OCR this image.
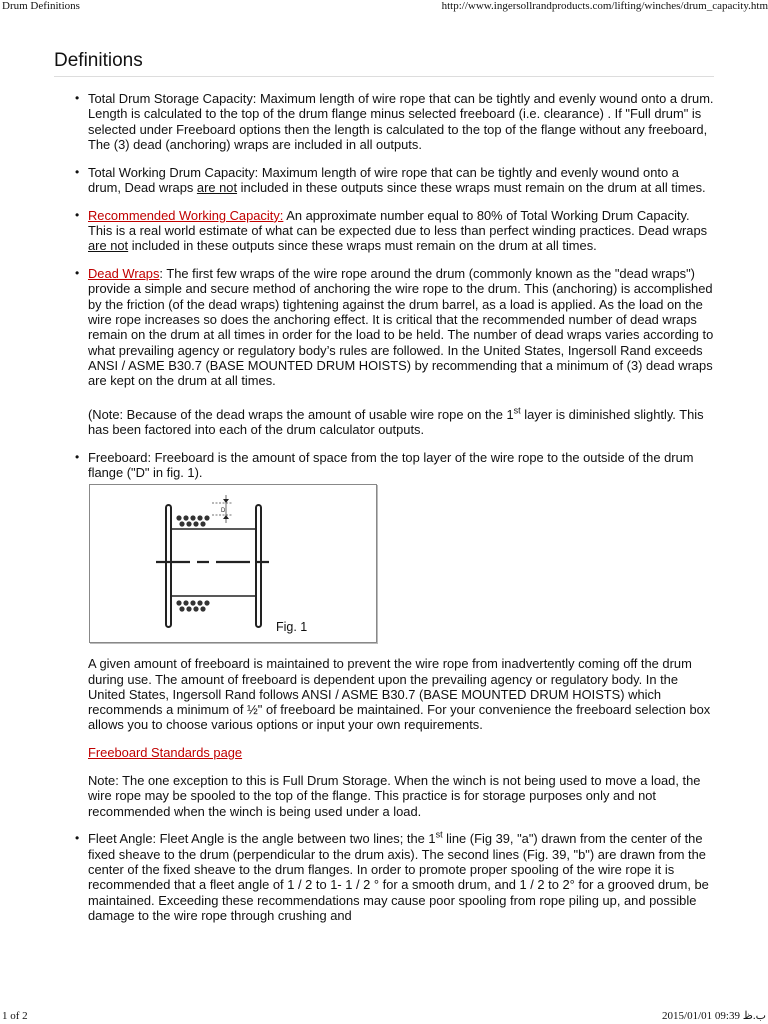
Drum Definitions	http://www.ingersollrandproducts.com/lifting/winches/drum_capacity.htm
Definitions
• Total Drum Storage Capacity: Maximum length of wire rope that can be tightly and evenly wound onto a drum. Length is calculated to the top of the drum flange minus selected freeboard (i.e. clearance) . If "Full drum" is selected under Freeboard options then the length is calculated to the top of the flange without any freeboard, The (3) dead (anchoring) wraps are included in all outputs.

• Total Working Drum Capacity: Maximum length of wire rope that can be tightly and evenly wound onto a drum, Dead wraps are not included in these outputs since these wraps must remain on the drum at all times.

• Recommended Working Capacity: An approximate number equal to 80% of Total Working Drum Capacity. This is a real world estimate of what can be expected due to less than perfect winding practices. Dead wraps are not included in these outputs since these wraps must remain on the drum at all times.

• Dead Wraps: The first few wraps of the wire rope around the drum (commonly known as the "dead wraps") provide a simple and secure method of anchoring the wire rope to the drum. This (anchoring) is accomplished by the friction (of the dead wraps) tightening against the drum barrel, as a load is applied. As the load on the wire rope increases so does the anchoring effect. It is critical that the recommended number of dead wraps remain on the drum at all times in order for the load to be held. The number of dead wraps varies according to what prevailing agency or regulatory body’s rules are followed. In the United States, Ingersoll Rand exceeds ANSI / ASME B30.7 (BASE MOUNTED DRUM HOISTS) by recommending that a minimum of (3) dead wraps are kept on the drum at all times.

(Note: Because of the dead wraps the amount of usable wire rope on the 1st layer is diminished slightly. This has been factored into each of the drum calculator outputs.

• Freeboard: Freeboard is the amount of space from the top layer of the wire rope to the outside of the drum flange ("D" in fig. 1).

D
Fig. 1

A given amount of freeboard is maintained to prevent the wire rope from inadvertently coming off the drum during use. The amount of freeboard is dependent upon the prevailing agency or regulatory body. In the United States, Ingersoll Rand follows ANSI / ASME B30.7 (BASE MOUNTED DRUM HOISTS) which recommends a minimum of ½" of freeboard be maintained. For your convenience the freeboard selection box allows you to choose various options or input your own requirements.

Freeboard Standards page

Note: The one exception to this is Full Drum Storage. When the winch is not being used to move a load, the wire rope may be spooled to the top of the flange. This practice is for storage purposes only and not recommended when the winch is being used under a load.

• Fleet Angle: Fleet Angle is the angle between two lines; the 1st line (Fig 39, "a") drawn from the center of the fixed sheave to the drum (perpendicular to the drum axis). The second lines (Fig. 39, "b") are drawn from the center of the fixed sheave to the drum flanges. In order to promote proper spooling of the wire rope it is recommended that a fleet angle of 1 / 2 to 1- 1 / 2 ° for a smooth drum, and 1 / 2 to 2° for a grooved drum, be maintained. Exceeding these recommendations may cause poor spooling from rope piling up, and possible damage to the wire rope through crushing and

1 of 2	2015/01/01 09:39 ب.ظ
